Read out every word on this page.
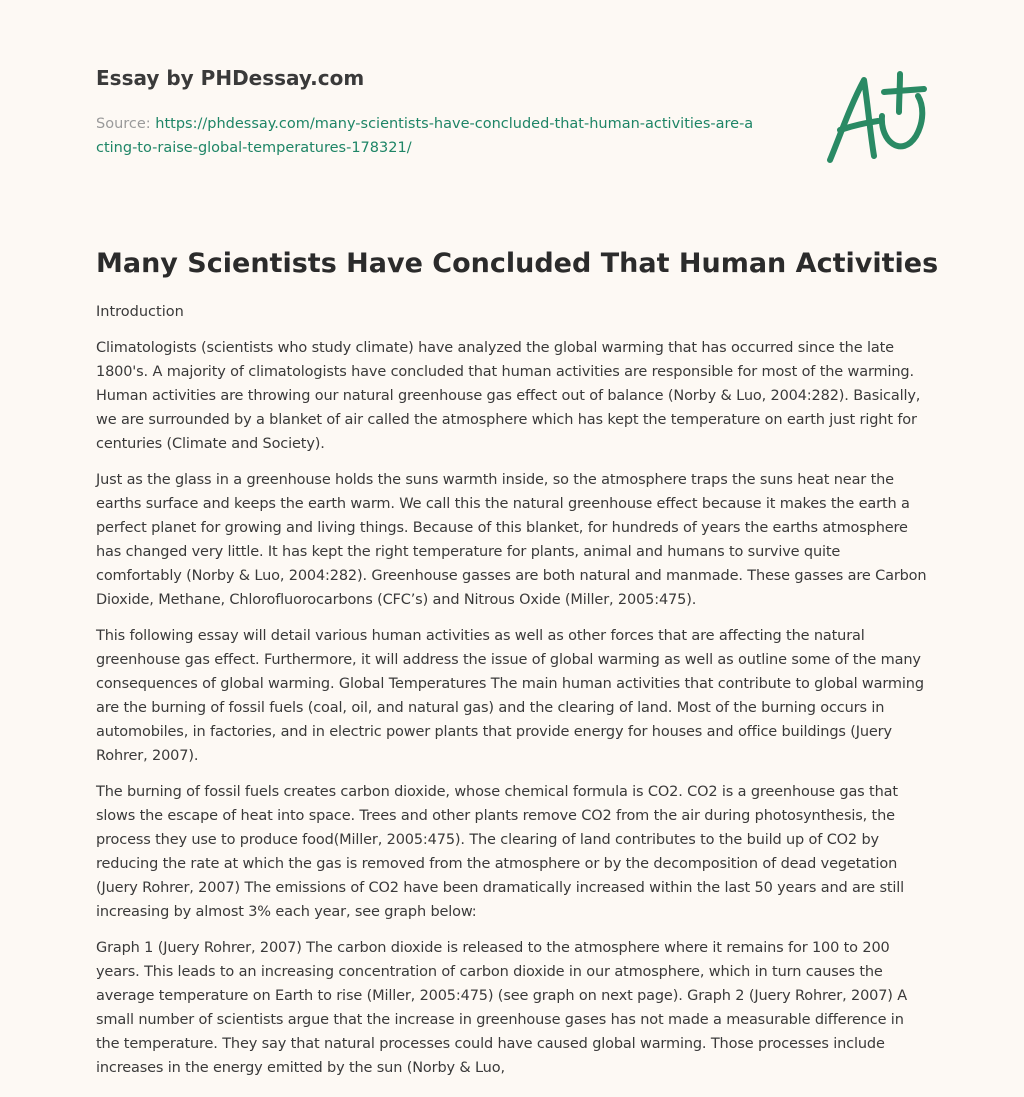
Essay by PHDessay.com
Source: https://phdessay.com/many-scientists-have-concluded-that-human-activities-are-acting-to-raise-global-temperatures-178321/
Many Scientists Have Concluded That Human Activities
Introduction

Climatologists (scientists who study climate) have analyzed the global warming that has occurred since the late 1800's. A majority of climatologists have concluded that human activities are responsible for most of the warming. Human activities are throwing our natural greenhouse gas effect out of balance (Norby & Luo, 2004:282). Basically, we are surrounded by a blanket of air called the atmosphere which has kept the temperature on earth just right for centuries (Climate and Society).

Just as the glass in a greenhouse holds the suns warmth inside, so the atmosphere traps the suns heat near the earths surface and keeps the earth warm. We call this the natural greenhouse effect because it makes the earth a perfect planet for growing and living things. Because of this blanket, for hundreds of years the earths atmosphere has changed very little. It has kept the right temperature for plants, animal and humans to survive quite comfortably (Norby & Luo, 2004:282). Greenhouse gasses are both natural and manmade. These gasses are Carbon Dioxide, Methane, Chlorofluorocarbons (CFC’s) and Nitrous Oxide (Miller, 2005:475).

This following essay will detail various human activities as well as other forces that are affecting the natural greenhouse gas effect. Furthermore, it will address the issue of global warming as well as outline some of the many consequences of global warming. Global Temperatures The main human activities that contribute to global warming are the burning of fossil fuels (coal, oil, and natural gas) and the clearing of land. Most of the burning occurs in automobiles, in factories, and in electric power plants that provide energy for houses and office buildings (Juery Rohrer, 2007).

The burning of fossil fuels creates carbon dioxide, whose chemical formula is CO2. CO2 is a greenhouse gas that slows the escape of heat into space. Trees and other plants remove CO2 from the air during photosynthesis, the process they use to produce food(Miller, 2005:475). The clearing of land contributes to the build up of CO2 by reducing the rate at which the gas is removed from the atmosphere or by the decomposition of dead vegetation (Juery Rohrer, 2007) The emissions of CO2 have been dramatically increased within the last 50 years and are still increasing by almost 3% each year, see graph below:

Graph 1 (Juery Rohrer, 2007) The carbon dioxide is released to the atmosphere where it remains for 100 to 200 years. This leads to an increasing concentration of carbon dioxide in our atmosphere, which in turn causes the average temperature on Earth to rise (Miller, 2005:475) (see graph on next page). Graph 2 (Juery Rohrer, 2007) A small number of scientists argue that the increase in greenhouse gases has not made a measurable difference in the temperature. They say that natural processes could have caused global warming. Those processes include increases in the energy emitted by the sun (Norby & Luo,
